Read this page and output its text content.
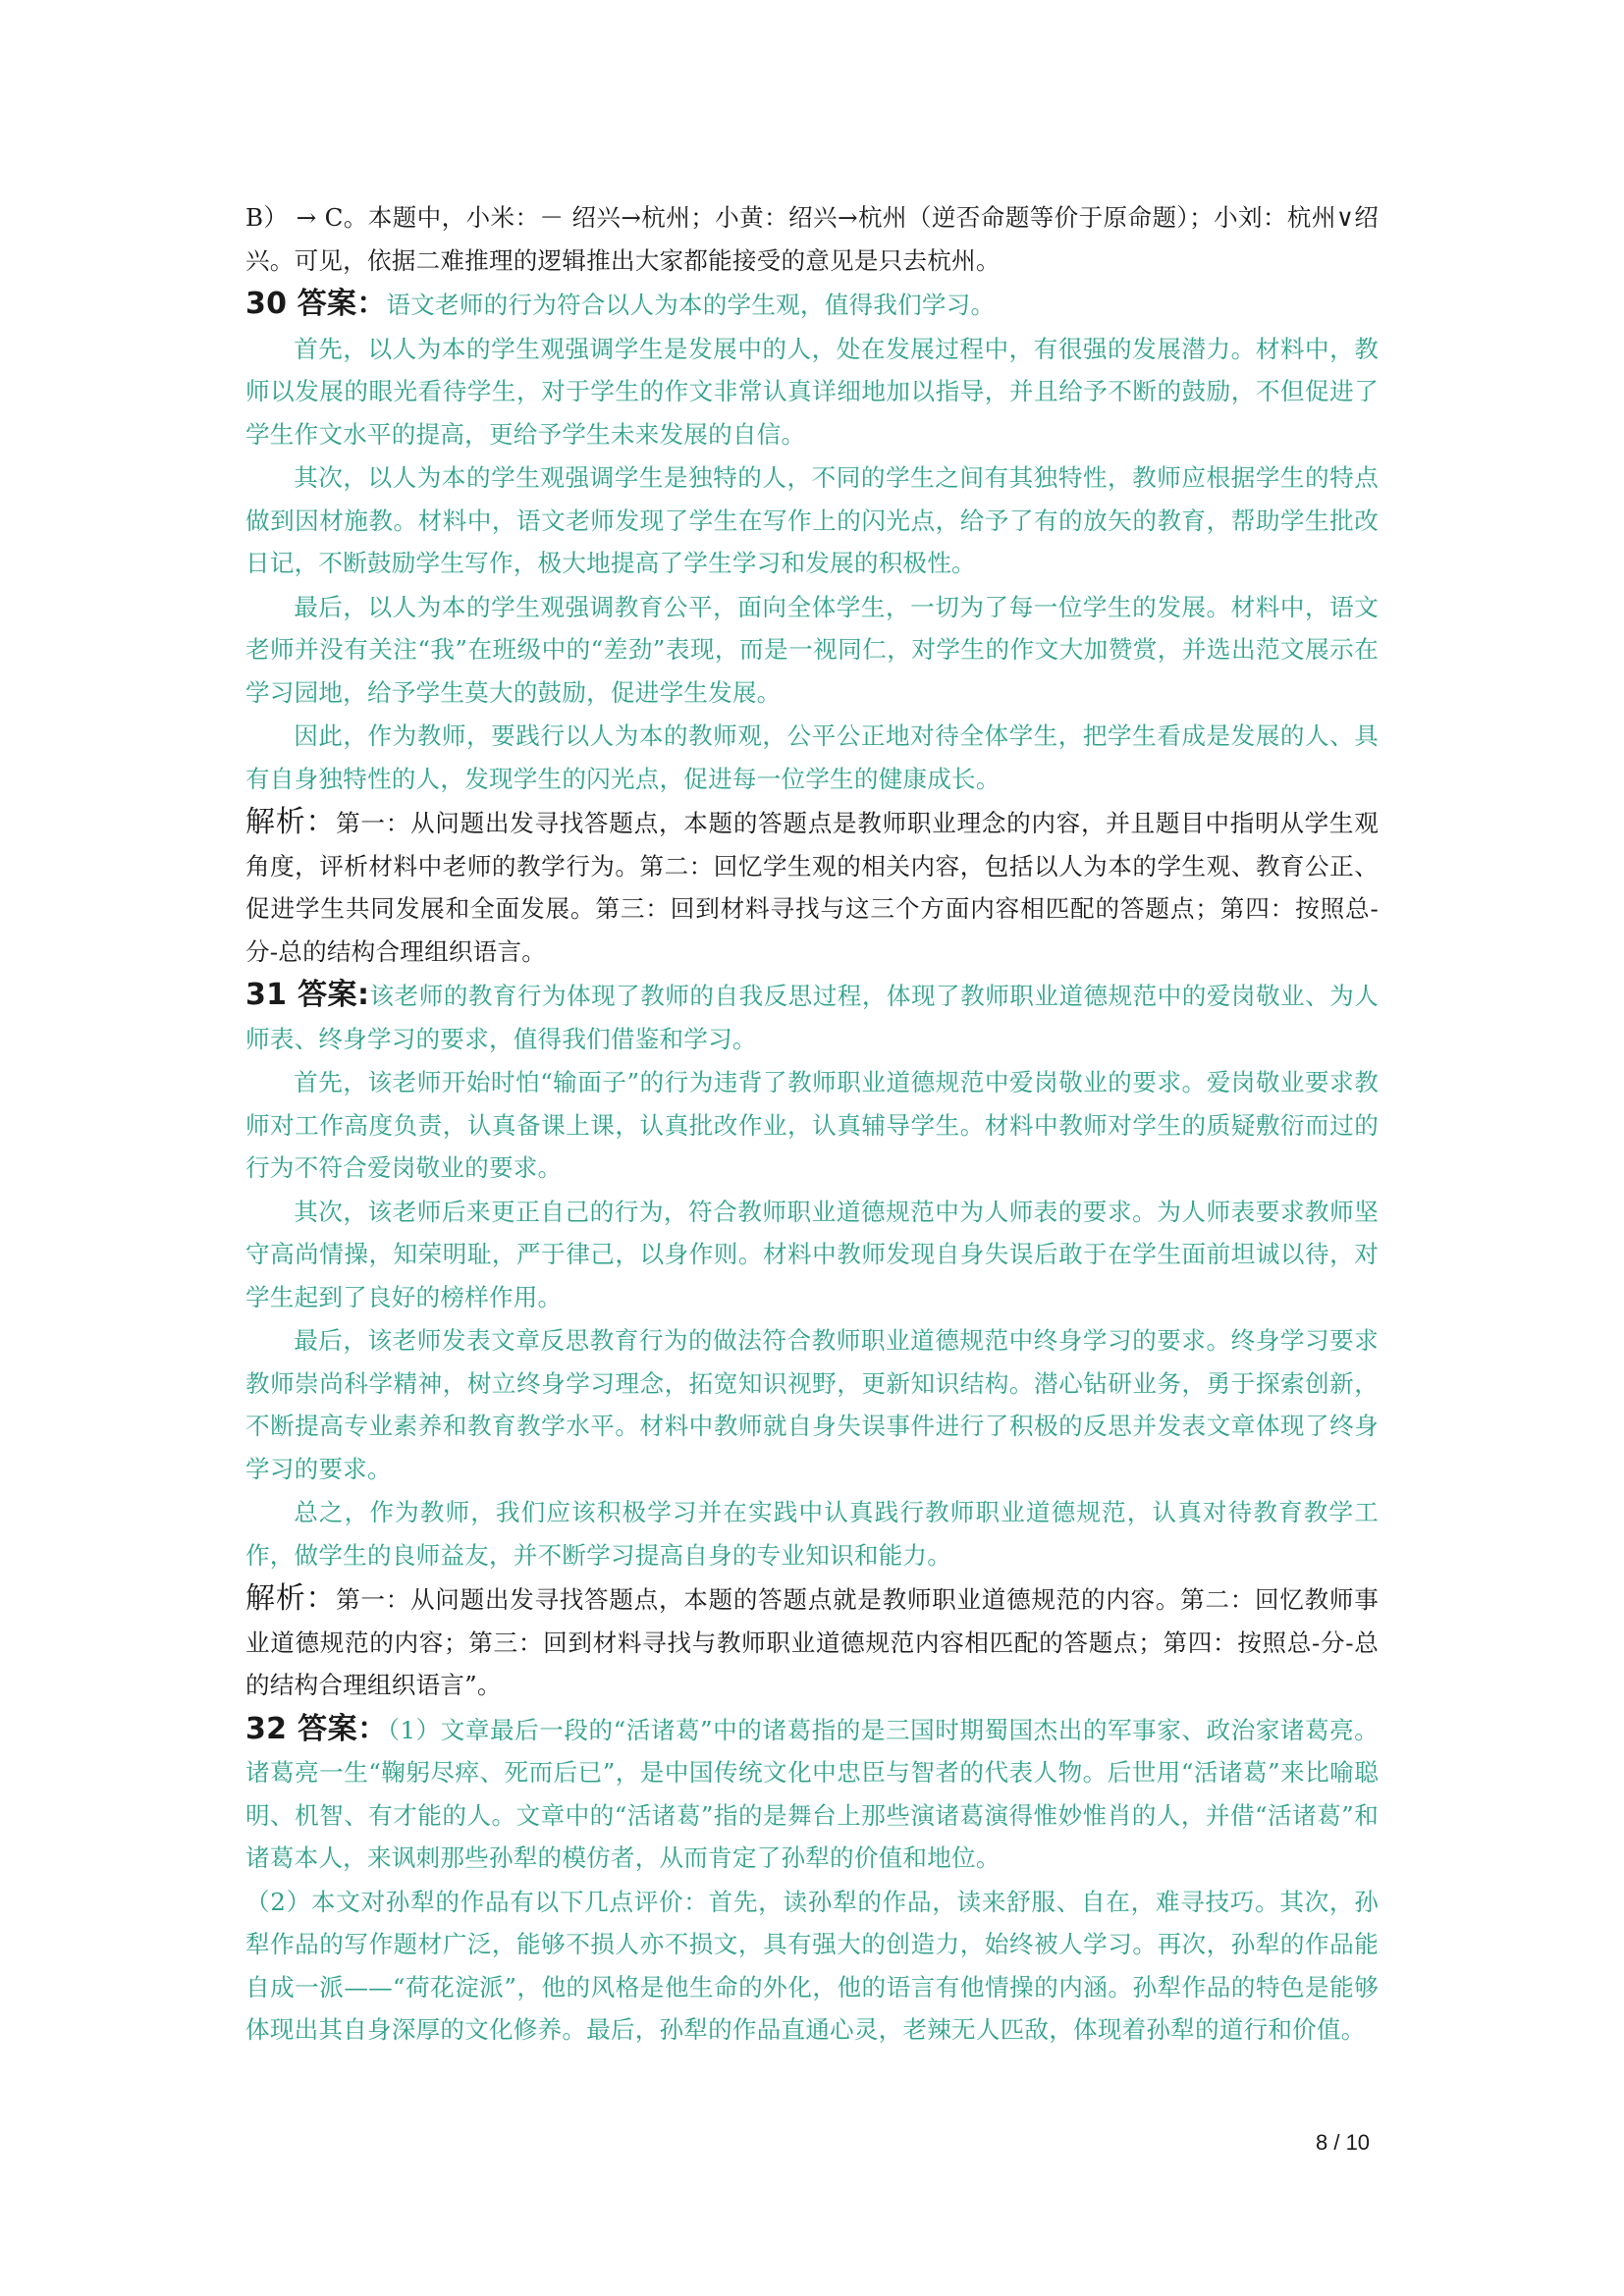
B） → C。本题中，小米：－ 绍兴→杭州；小黄：绍兴→杭州（逆否命题等价于原命题）；小刘：杭州∨绍兴。可见，依据二难推理的逻辑推出大家都能接受的意见是只去杭州。

30 答案：语文老师的行为符合以人为本的学生观，值得我们学习。

首先，以人为本的学生观强调学生是发展中的人，处在发展过程中，有很强的发展潜力。材料中，教师以发展的眼光看待学生，对于学生的作文非常认真详细地加以指导，并且给予不断的鼓励，不但促进了学生作文水平的提高，更给予学生未来发展的自信。

其次，以人为本的学生观强调学生是独特的人，不同的学生之间有其独特性，教师应根据学生的特点做到因材施教。材料中，语文老师发现了学生在写作上的闪光点，给予了有的放矢的教育，帮助学生批改日记，不断鼓励学生写作，极大地提高了学生学习和发展的积极性。

最后，以人为本的学生观强调教育公平，面向全体学生，一切为了每一位学生的发展。材料中，语文老师并没有关注“我”在班级中的“差劲”表现，而是一视同仁，对学生的作文大加赞赏，并选出范文展示在学习园地，给予学生莫大的鼓励，促进学生发展。

因此，作为教师，要践行以人为本的教师观，公平公正地对待全体学生，把学生看成是发展的人、具有自身独特性的人，发现学生的闪光点，促进每一位学生的健康成长。

解析：第一：从问题出发寻找答题点，本题的答题点是教师职业理念的内容，并且题目中指明从学生观角度，评析材料中老师的教学行为。第二：回忆学生观的相关内容，包括以人为本的学生观、教育公正、促进学生共同发展和全面发展。第三：回到材料寻找与这三个方面内容相匹配的答题点；第四：按照总-分-总的结构合理组织语言。

31 答案:该老师的教育行为体现了教师的自我反思过程，体现了教师职业道德规范中的爱岗敬业、为人师表、终身学习的要求，值得我们借鉴和学习。

首先，该老师开始时怕“输面子”的行为违背了教师职业道德规范中爱岗敬业的要求。爱岗敬业要求教师对工作高度负责，认真备课上课，认真批改作业，认真辅导学生。材料中教师对学生的质疑敷衍而过的行为不符合爱岗敬业的要求。

其次，该老师后来更正自己的行为，符合教师职业道德规范中为人师表的要求。为人师表要求教师坚守高尚情操，知荣明耻，严于律己，以身作则。材料中教师发现自身失误后敢于在学生面前坦诚以待，对学生起到了良好的榜样作用。

最后，该老师发表文章反思教育行为的做法符合教师职业道德规范中终身学习的要求。终身学习要求教师崇尚科学精神，树立终身学习理念，拓宽知识视野，更新知识结构。潜心钻研业务，勇于探索创新，不断提高专业素养和教育教学水平。材料中教师就自身失误事件进行了积极的反思并发表文章体现了终身学习的要求。

总之，作为教师，我们应该积极学习并在实践中认真践行教师职业道德规范，认真对待教育教学工作，做学生的良师益友，并不断学习提高自身的专业知识和能力。

解析：第一：从问题出发寻找答题点，本题的答题点就是教师职业道德规范的内容。第二：回忆教师事业道德规范的内容；第三：回到材料寻找与教师职业道德规范内容相匹配的答题点；第四：按照总-分-总的结构合理组织语言”。

32 答案：（1）文章最后一段的“活诸葛”中的诸葛指的是三国时期蜀国杰出的军事家、政治家诸葛亮。诸葛亮一生“鞠躬尽瘁、死而后已”，是中国传统文化中忠臣与智者的代表人物。后世用“活诸葛”来比喻聪明、机智、有才能的人。文章中的“活诸葛”指的是舞台上那些演诸葛演得惟妙惟肖的人，并借“活诸葛”和诸葛本人，来讽刺那些孙犁的模仿者，从而肯定了孙犁的价值和地位。

（2）本文对孙犁的作品有以下几点评价：首先，读孙犁的作品，读来舒服、自在，难寻技巧。其次，孙犁作品的写作题材广泛，能够不损人亦不损文，具有强大的创造力，始终被人学习。再次，孙犁的作品能自成一派——“荷花淀派”，他的风格是他生命的外化，他的语言有他情操的内涵。孙犁作品的特色是能够体现出其自身深厚的文化修养。最后，孙犁的作品直通心灵，老辣无人匹敌，体现着孙犁的道行和价值。

8 / 10
